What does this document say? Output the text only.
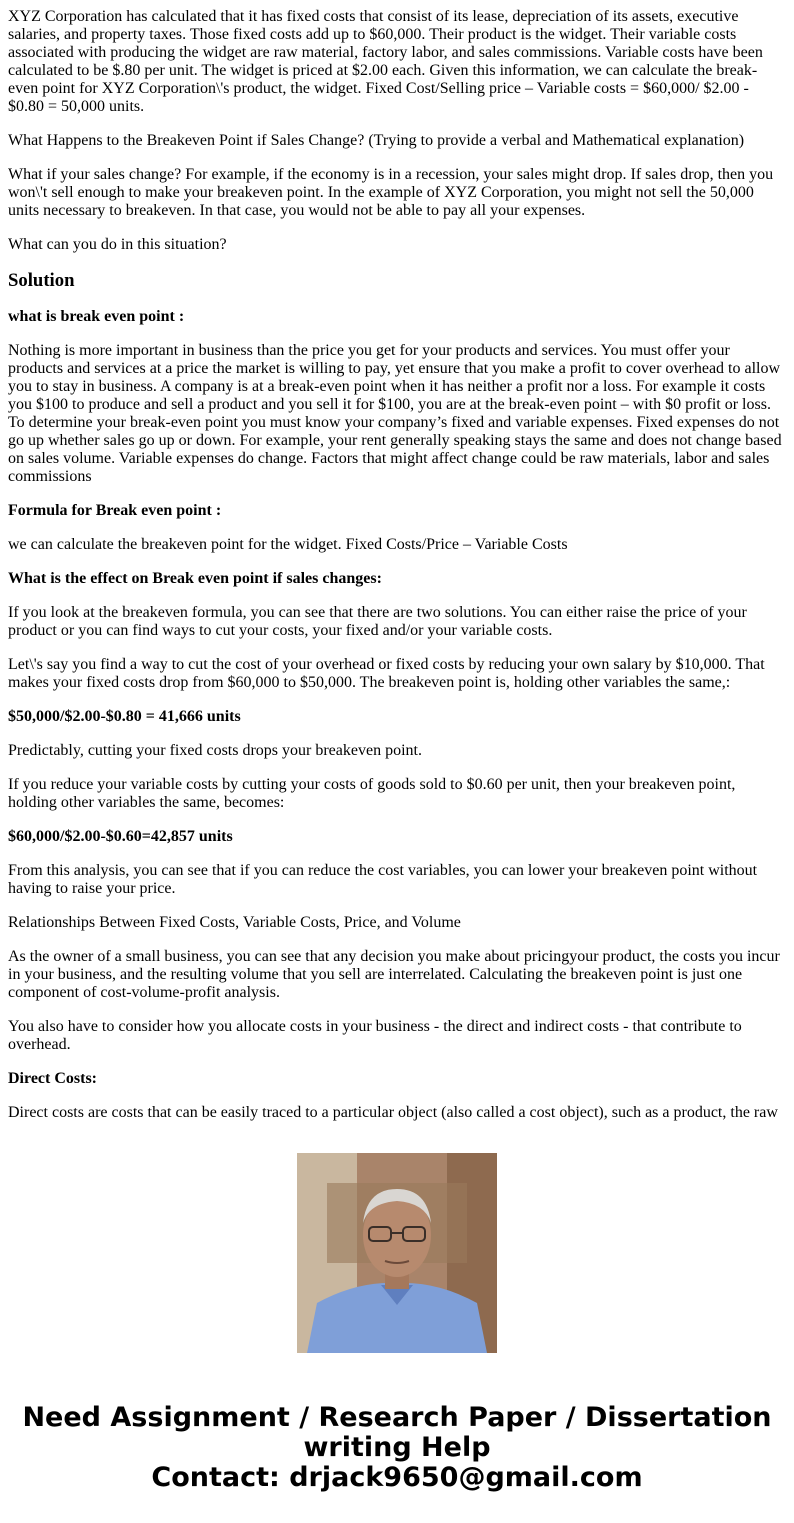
XYZ Corporation has calculated that it has fixed costs that consist of its lease, depreciation of its assets, executive salaries, and property taxes. Those fixed costs add up to $60,000. Their product is the widget. Their variable costs associated with producing the widget are raw material, factory labor, and sales commissions. Variable costs have been calculated to be $.80 per unit. The widget is priced at $2.00 each. Given this information, we can calculate the break-even point for XYZ Corporation\'s product, the widget. Fixed Cost/Selling price – Variable costs = $60,000/ $2.00 - $0.80 = 50,000 units.

What Happens to the Breakeven Point if Sales Change? (Trying to provide a verbal and Mathematical explanation)

What if your sales change? For example, if the economy is in a recession, your sales might drop. If sales drop, then you won\'t sell enough to make your breakeven point. In the example of XYZ Corporation, you might not sell the 50,000 units necessary to breakeven. In that case, you would not be able to pay all your expenses.

What can you do in this situation?

Solution

what is break even point :

Nothing is more important in business than the price you get for your products and services. You must offer your products and services at a price the market is willing to pay, yet ensure that you make a profit to cover overhead to allow you to stay in business. A company is at a break-even point when it has neither a profit nor a loss. For example it costs you $100 to produce and sell a product and you sell it for $100, you are at the break-even point – with $0 profit or loss. To determine your break-even point you must know your company’s fixed and variable expenses. Fixed expenses do not go up whether sales go up or down. For example, your rent generally speaking stays the same and does not change based on sales volume. Variable expenses do change. Factors that might affect change could be raw materials, labor and sales commissions

Formula for Break even point :

we can calculate the breakeven point for the widget. Fixed Costs/Price – Variable Costs

What is the effect on Break even point if sales changes:

If you look at the breakeven formula, you can see that there are two solutions. You can either raise the price of your product or you can find ways to cut your costs, your fixed and/or your variable costs.

Let\'s say you find a way to cut the cost of your overhead or fixed costs by reducing your own salary by $10,000. That makes your fixed costs drop from $60,000 to $50,000. The breakeven point is, holding other variables the same,:

$50,000/$2.00-$0.80 = 41,666 units

Predictably, cutting your fixed costs drops your breakeven point.

If you reduce your variable costs by cutting your costs of goods sold to $0.60 per unit, then your breakeven point, holding other variables the same, becomes:

$60,000/$2.00-$0.60=42,857 units

From this analysis, you can see that if you can reduce the cost variables, you can lower your breakeven point without having to raise your price.

Relationships Between Fixed Costs, Variable Costs, Price, and Volume

As the owner of a small business, you can see that any decision you make about pricingyour product, the costs you incur in your business, and the resulting volume that you sell are interrelated. Calculating the breakeven point is just one component of cost-volume-profit analysis.

You also have to consider how you allocate costs in your business - the direct and indirect costs - that contribute to overhead.

Direct Costs:

Direct costs are costs that can be easily traced to a particular object (also called a cost object), such as a product, the raw

Need Assignment / Research Paper / Dissertation
writing Help
Contact: drjack9650@gmail.com
